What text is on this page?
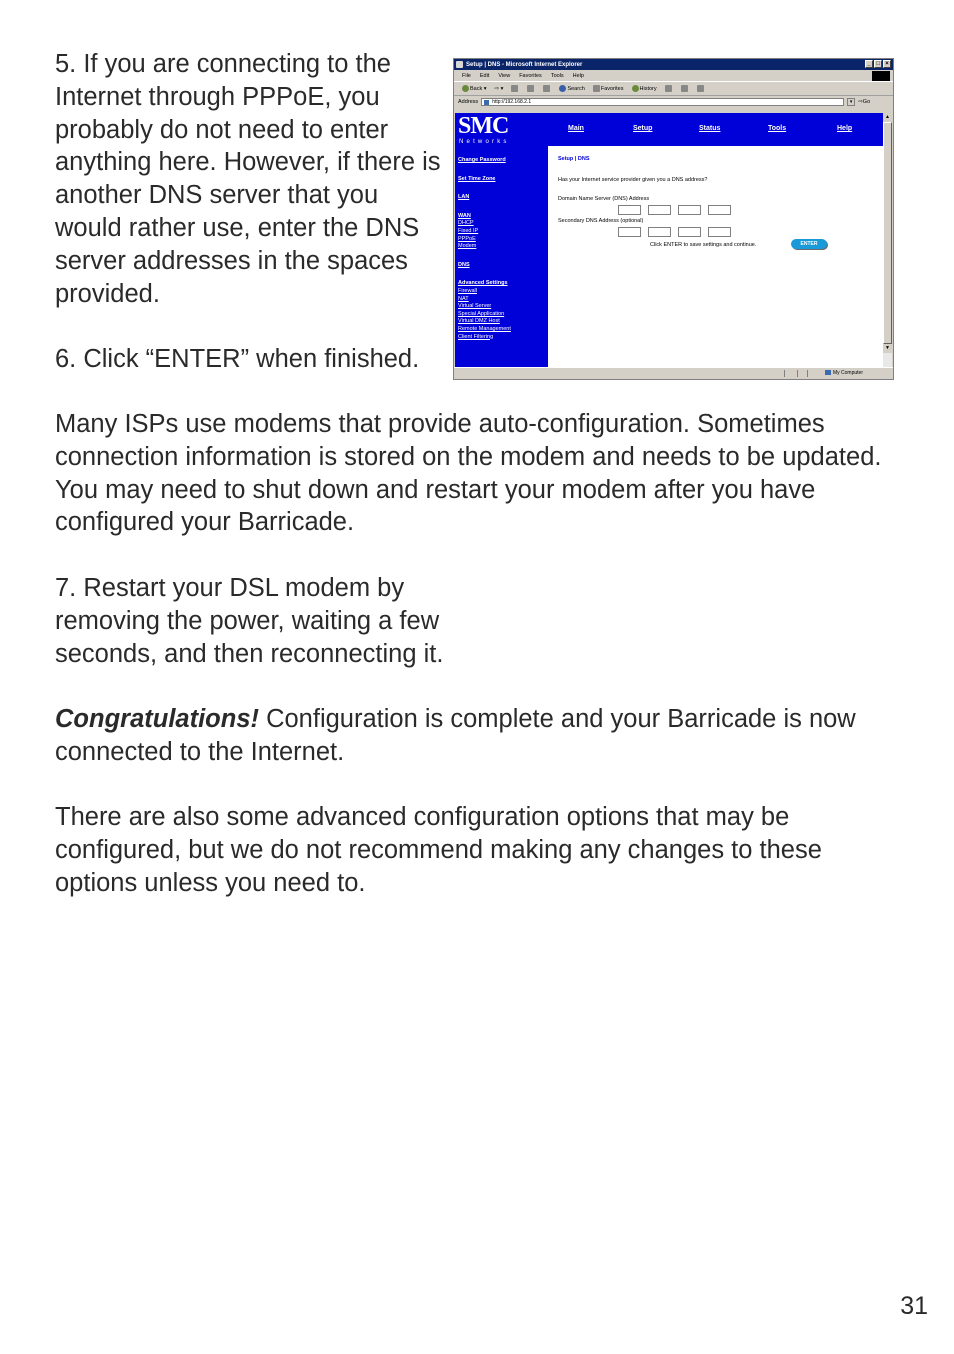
5. If you are connecting to the Internet through PPPoE, you probably do not need to enter anything here. However, if there is another DNS server that you would rather use, enter the DNS server addresses in the spaces provided.

6. Click “ENTER” when finished.

Many ISPs use modems that provide auto-configuration. Sometimes connection information is stored on the modem and needs to be updated. You may need to shut down and restart your modem after you have configured your Barricade.

7. Restart your DSL modem by removing the power, waiting a few seconds, and then reconnecting it.

Congratulations! Configuration is complete and your Barricade is now connected to the Internet.

There are also some advanced configuration options that may be configured, but we do not recommend making any changes to these options unless you need to.

31
Setup | DNS - Microsoft Internet Explorer	_ □ ×
File Edit View Favorites Tools Help
Back ▾ ⇨ ▾	Search	Favorites	History
Address	http://192.168.2.1	▾	⇨Go
SMC
Networks
Change Password
Set Time Zone
LAN
WAN
DHCP
Fixed IP
PPPoE
Modem
DNS
Advanced Settings
Firewall
NAT
Virtual Server
Special Application
Virtual DMZ Host
Remote Management
Client Filtering
Main	Setup	Status	Tools	Help
Setup | DNS
Has your Internet service provider given you a DNS address?
Domain Name Server (DNS) Address
Secondary DNS Address (optional)
Click ENTER to save settings and continue.	ENTER
▲
▼
My Computer
